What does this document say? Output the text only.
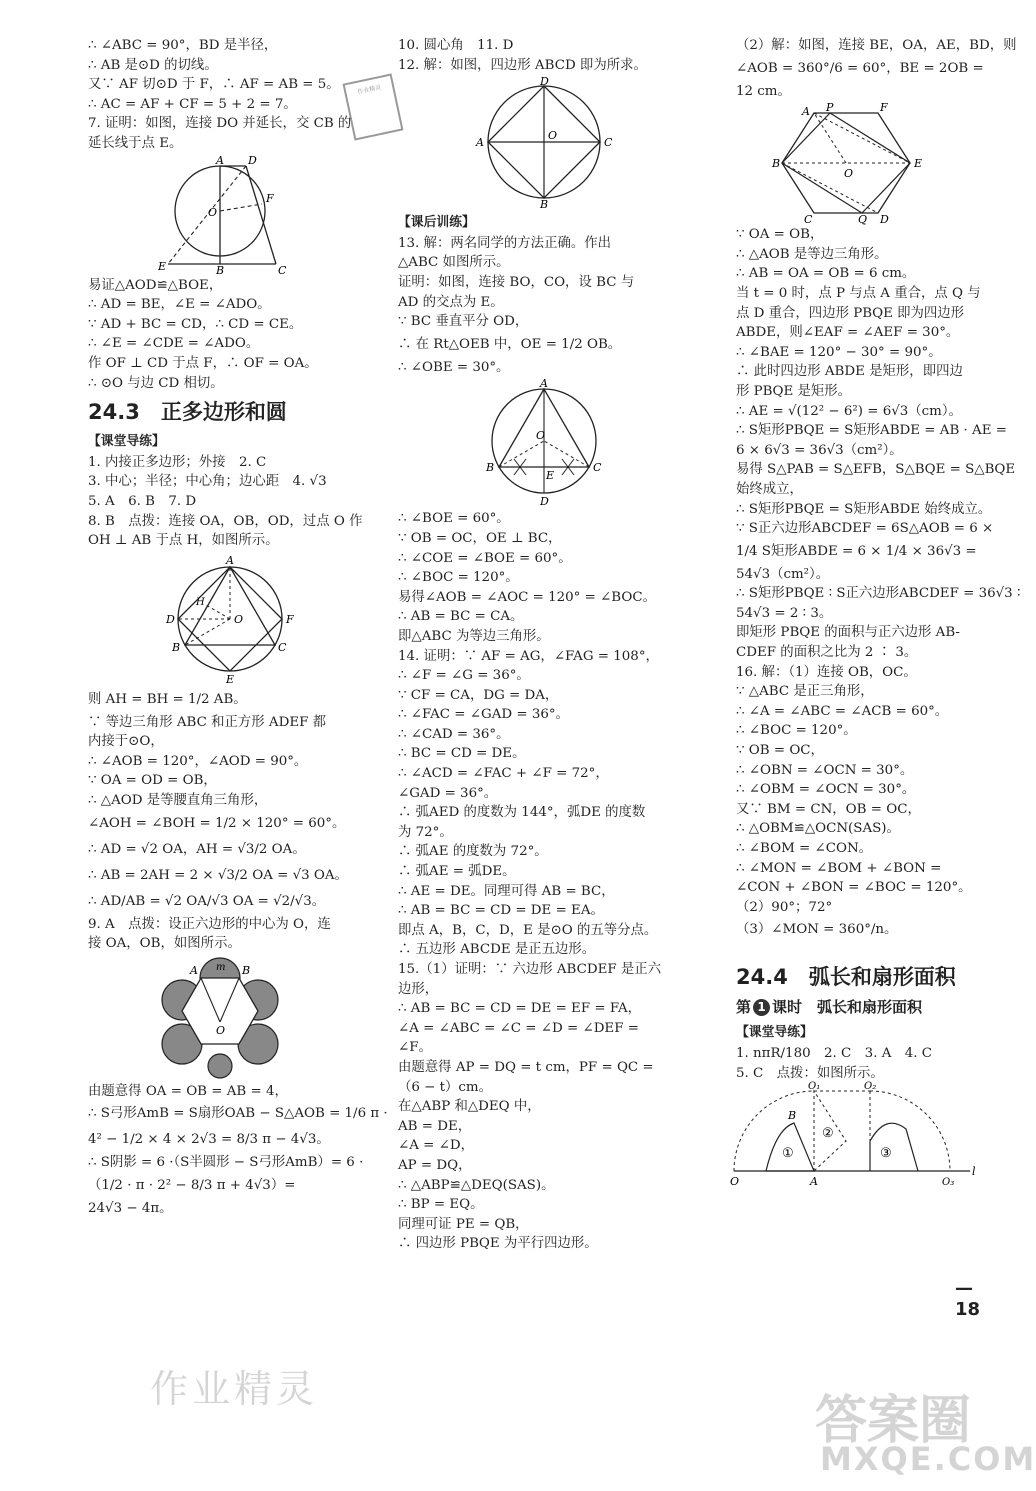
作业精灵
作业精灵
答案圈
MXQE.COM
∴ ∠ABC = 90°，BD 是半径，
∴ AB 是⊙D 的切线。
又∵ AF 切⊙D 于 F，∴ AF = AB = 5。
∴ AC = AF + CF = 5 + 2 = 7。
7. 证明：如图，连接 DO 并延长，交 CB 的
延长线于点 E。
A D
F
O
E	B	C
易证△AOD≌△BOE，
∴ AD = BE，∠E = ∠ADO。
∵ AD + BC = CD，∴ CD = CE。
∴ ∠E = ∠CDE = ∠ADO。
作 OF ⊥ CD 于点 F，∴ OF = OA。
∴ ⊙O 与边 CD 相切。
24.3　正多边形和圆
【课堂导练】
1. 内接正多边形；外接　2. C
3. 中心；半径；中心角；边心距　4. √3
5. A　6. B　7. D
8. B　点拨：连接 OA，OB，OD，过点 O 作
OH ⊥ AB 于点 H，如图所示。
A
D
H
O	F
B	C
E
则 AH = BH = 1/2 AB。
∵ 等边三角形 ABC 和正方形 ADEF 都
内接于⊙O，
∴ ∠AOB = 120°，∠AOD = 90°。
∵ OA = OD = OB，
∴ △AOD 是等腰直角三角形，
∠AOH = ∠BOH = 1/2 × 120° = 60°。
∴ AD = √2 OA，AH = √3/2 OA。
∴ AB = 2AH = 2 × √3/2 OA = √3 OA。
∴ AD/AB = √2 OA/√3 OA = √2/√3。
9. A　点拨：设正六边形的中心为 O，连
接 OA，OB，如图所示。
A m B
O
由题意得 OA = OB = AB = 4，
∴ S弓形AmB = S扇形OAB − S△AOB = 1/6 π ·
4² − 1/2 × 4 × 2√3 = 8/3 π − 4√3。
∴ S阴影 = 6 ·（S半圆形 − S弓形AmB）= 6 ·
（1/2 · π · 2² − 8/3 π + 4√3）=
24√3 − 4π。
10. 圆心角　11. D
12. 解：如图，四边形 ABCD 即为所求。
D
A
O
C
B
【课后训练】
13. 解：两名同学的方法正确。作出
△ABC 如图所示。
证明：如图，连接 BO，CO，设 BC 与
AD 的交点为 E。
∵ BC 垂直平分 OD，
∴ 在 Rt△OEB 中，OE = 1/2 OB。
∴ ∠OBE = 30°。
A
O
B
E
C
D
∴ ∠BOE = 60°。
∵ OB = OC，OE ⊥ BC，
∴ ∠COE = ∠BOE = 60°。
∴ ∠BOC = 120°。
易得∠AOB = ∠AOC = 120° = ∠BOC。
∴ AB = BC = CA。
即△ABC 为等边三角形。
14. 证明：∵ AF = AG，∠FAG = 108°，
∴ ∠F = ∠G = 36°。
∵ CF = CA，DG = DA，
∴ ∠FAC = ∠GAD = 36°。
∴ ∠CAD = 36°。
∴ BC = CD = DE。
∴ ∠ACD = ∠FAC + ∠F = 72°，
∠GAD = 36°。
∴ 弧AED 的度数为 144°，弧DE 的度数
为 72°。
∴ 弧AE 的度数为 72°。
∴ 弧AE = 弧DE。
∴ AE = DE。同理可得 AB = BC，
∴ AB = BC = CD = DE = EA。
即点 A，B，C，D，E 是⊙O 的五等分点。
∴ 五边形 ABCDE 是正五边形。
15.（1）证明：∵ 六边形 ABCDEF 是正六
边形，
∴ AB = BC = CD = DE = EF = FA，
∠A = ∠ABC = ∠C = ∠D = ∠DEF =
∠F。
由题意得 AP = DQ = t cm，PF = QC =
（6 − t）cm。
在△ABP 和△DEQ 中，
AB = DE，
∠A = ∠D，
AP = DQ，
∴ △ABP≌△DEQ(SAS)。
∴ BP = EQ。
同理可证 PE = QB，
∴ 四边形 PBQE 为平行四边形。
（2）解：如图，连接 BE，OA，AE，BD，则
∠AOB = 360°/6 = 60°，BE = 2OB =
12 cm。
A P	F
B
O
E
C	Q D
∵ OA = OB，
∴ △AOB 是等边三角形。
∴ AB = OA = OB = 6 cm。
当 t = 0 时，点 P 与点 A 重合，点 Q 与
点 D 重合，四边形 PBQE 即为四边形
ABDE，则∠EAF = ∠AEF = 30°。
∴ ∠BAE = 120° − 30° = 90°。
∴ 此时四边形 ABDE 是矩形，即四边
形 PBQE 是矩形。
∴ AE = √(12² − 6²) = 6√3（cm）。
∴ S矩形PBQE = S矩形ABDE = AB · AE =
6 × 6√3 = 36√3（cm²）。
易得 S△PAB = S△EFB，S△BQE = S△BQE
始终成立，
∴ S矩形PBQE = S矩形ABDE 始终成立。
∵ S正六边形ABCDEF = 6S△AOB = 6 ×
1/4 S矩形ABDE = 6 × 1/4 × 36√3 =
54√3（cm²）。
∴ S矩形PBQE ∶ S正六边形ABCDEF = 36√3 ∶
54√3 = 2 ∶ 3。
即矩形 PBQE 的面积与正六边形 AB-
CDEF 的面积之比为 2 ∶ 3。
16. 解：（1）连接 OB，OC。
∵ △ABC 是正三角形，
∴ ∠A = ∠ABC = ∠ACB = 60°。
∴ ∠BOC = 120°。
∵ OB = OC，
∴ ∠OBN = ∠OCN = 30°。
∴ ∠OBM = ∠OCN = 30°。
又∵ BM = CN，OB = OC，
∴ △OBM≌△OCN(SAS)。
∴ ∠BOM = ∠CON。
∴ ∠MON = ∠BOM + ∠BON =
∠CON + ∠BON = ∠BOC = 120°。
（2）90°；72°
（3）∠MON = 360°/n。
24.4　弧长和扇形面积
第 1 课时　弧长和扇形面积
【课堂导练】
1. nπR/180　2. C　3. A　4. C
5. C　点拨：如图所示。
O	A
B
O₁	O₂
O₃
l
①
②
③
— 18
